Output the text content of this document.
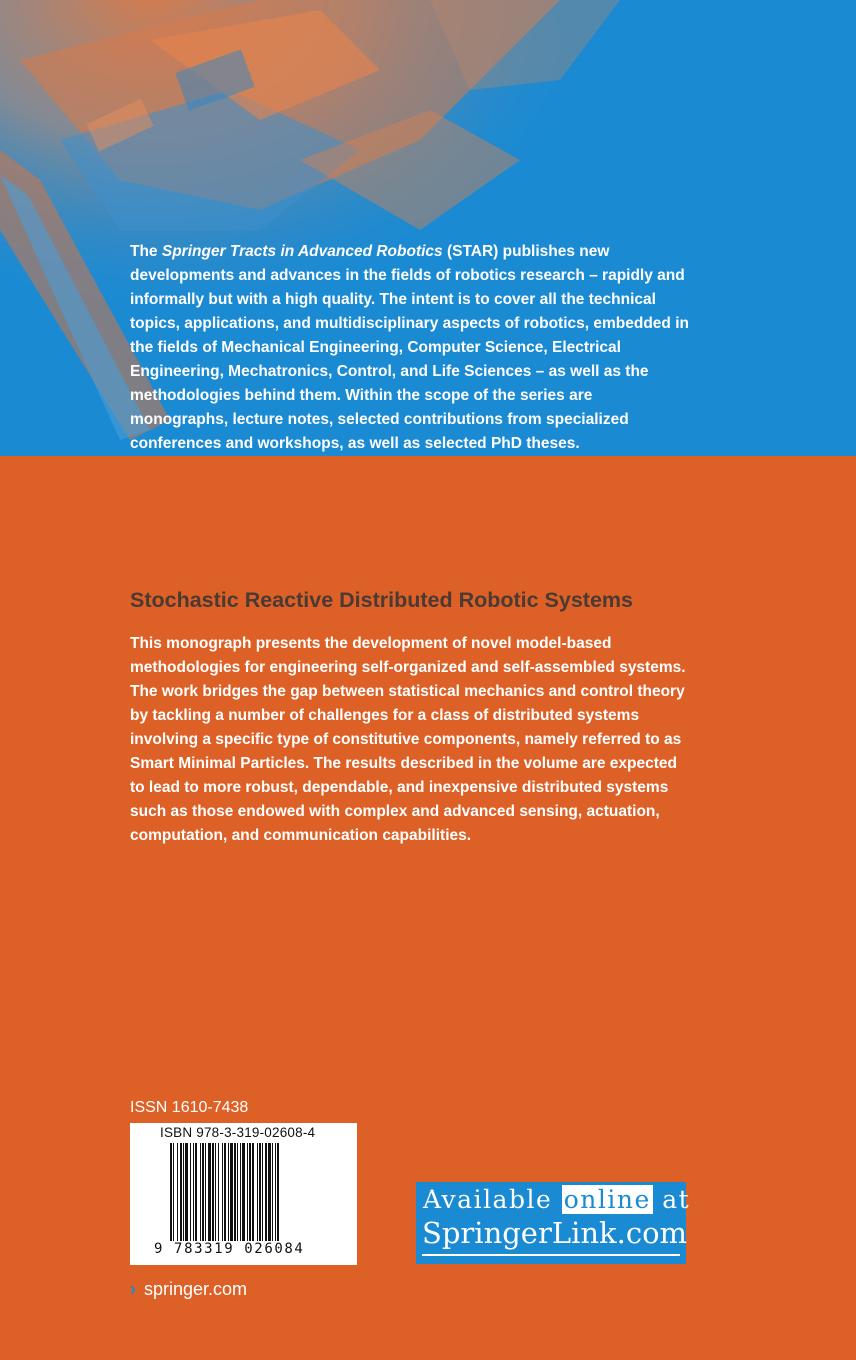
The Springer Tracts in Advanced Robotics (STAR) publishes new developments and advances in the fields of robotics research – rapidly and informally but with a high quality. The intent is to cover all the technical topics, applications, and multidisciplinary aspects of robotics, embedded in the fields of Mechanical Engineering, Computer Science, Electrical Engineering, Mechatronics, Control, and Life Sciences – as well as the methodologies behind them. Within the scope of the series are monographs, lecture notes, selected contributions from specialized conferences and workshops, as well as selected PhD theses.
Stochastic Reactive Distributed Robotic Systems
This monograph presents the development of novel model-based methodologies for engineering self-organized and self-assembled systems. The work bridges the gap between statistical mechanics and control theory by tackling a number of challenges for a class of distributed systems involving a specific type of constitutive components, namely referred to as Smart Minimal Particles. The results described in the volume are expected to lead to more robust, dependable, and inexpensive distributed systems such as those endowed with complex and advanced sensing, actuation, computation, and communication capabilities.
ISSN 1610-7438
ISBN 978-3-319-02608-4
9 783319 026084
Available online at
SpringerLink.com
› springer.com
